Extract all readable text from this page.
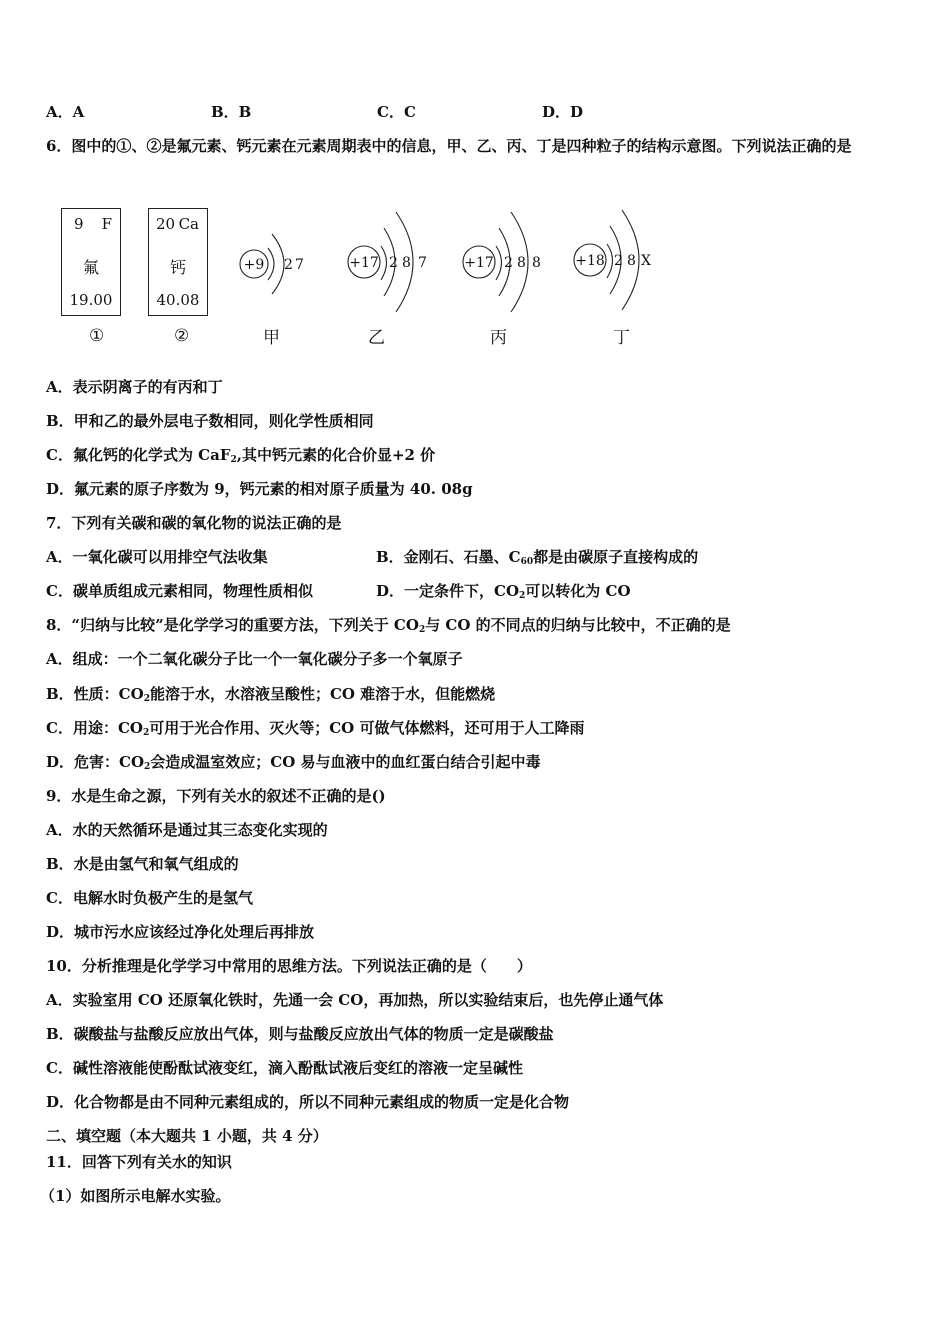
A．A	B．B	C．C	D．D
6．图中的①、②是氟元素、钙元素在元素周期表中的信息，甲、乙、丙、丁是四种粒子的结构示意图。下列说法正确的是
9 F
氟
19.00
①
20 Ca
钙
40.08
②
+9 2 7	+17 2 8 7	+17 2 8 8 +18 2 8 X
甲	乙	丙	丁
A．表示阴离子的有丙和丁
B．甲和乙的最外层电子数相同，则化学性质相同
C．氟化钙的化学式为 CaF$_2$,其中钙元素的化合价显+2 价
D．氟元素的原子序数为 9，钙元素的相对原子质量为 40. 08g
7．下列有关碳和碳的氧化物的说法正确的是
A．一氧化碳可以用排空气法收集	B．金刚石、石墨、$C_{60}$都是由碳原子直接构成的
C．碳单质组成元素相同，物理性质相似	D．一定条件下，$CO_2$可以转化为 CO
8．“归纳与比较”是化学学习的重要方法，下列关于 $CO_2$与 CO 的不同点的归纳与比较中，不正确的是
A．组成：一个二氧化碳分子比一个一氧化碳分子多一个氧原子
B．性质：$CO_2$能溶于水，水溶液呈酸性；CO 难溶于水，但能燃烧
C．用途：$CO_2$可用于光合作用、灭火等；CO 可做气体燃料，还可用于人工降雨
D．危害：$CO_2$会造成温室效应；CO 易与血液中的血红蛋白结合引起中毒
9．水是生命之源，下列有关水的叙述不正确的是()
A．水的天然循环是通过其三态变化实现的
B．水是由氢气和氧气组成的
C．电解水时负极产生的是氢气
D．城市污水应该经过净化处理后再排放
10．分析推理是化学学习中常用的思维方法。下列说法正确的是（　　）
A．实验室用 CO 还原氧化铁时，先通一会 CO，再加热，所以实验结束后，也先停止通气体
B．碳酸盐与盐酸反应放出气体，则与盐酸反应放出气体的物质一定是碳酸盐
C．碱性溶液能使酚酞试液变红，滴入酚酞试液后变红的溶液一定呈碱性
D．化合物都是由不同种元素组成的，所以不同种元素组成的物质一定是化合物
二、填空题（本大题共 1 小题，共 4 分）
11．回答下列有关水的知识
（1）如图所示电解水实验。
